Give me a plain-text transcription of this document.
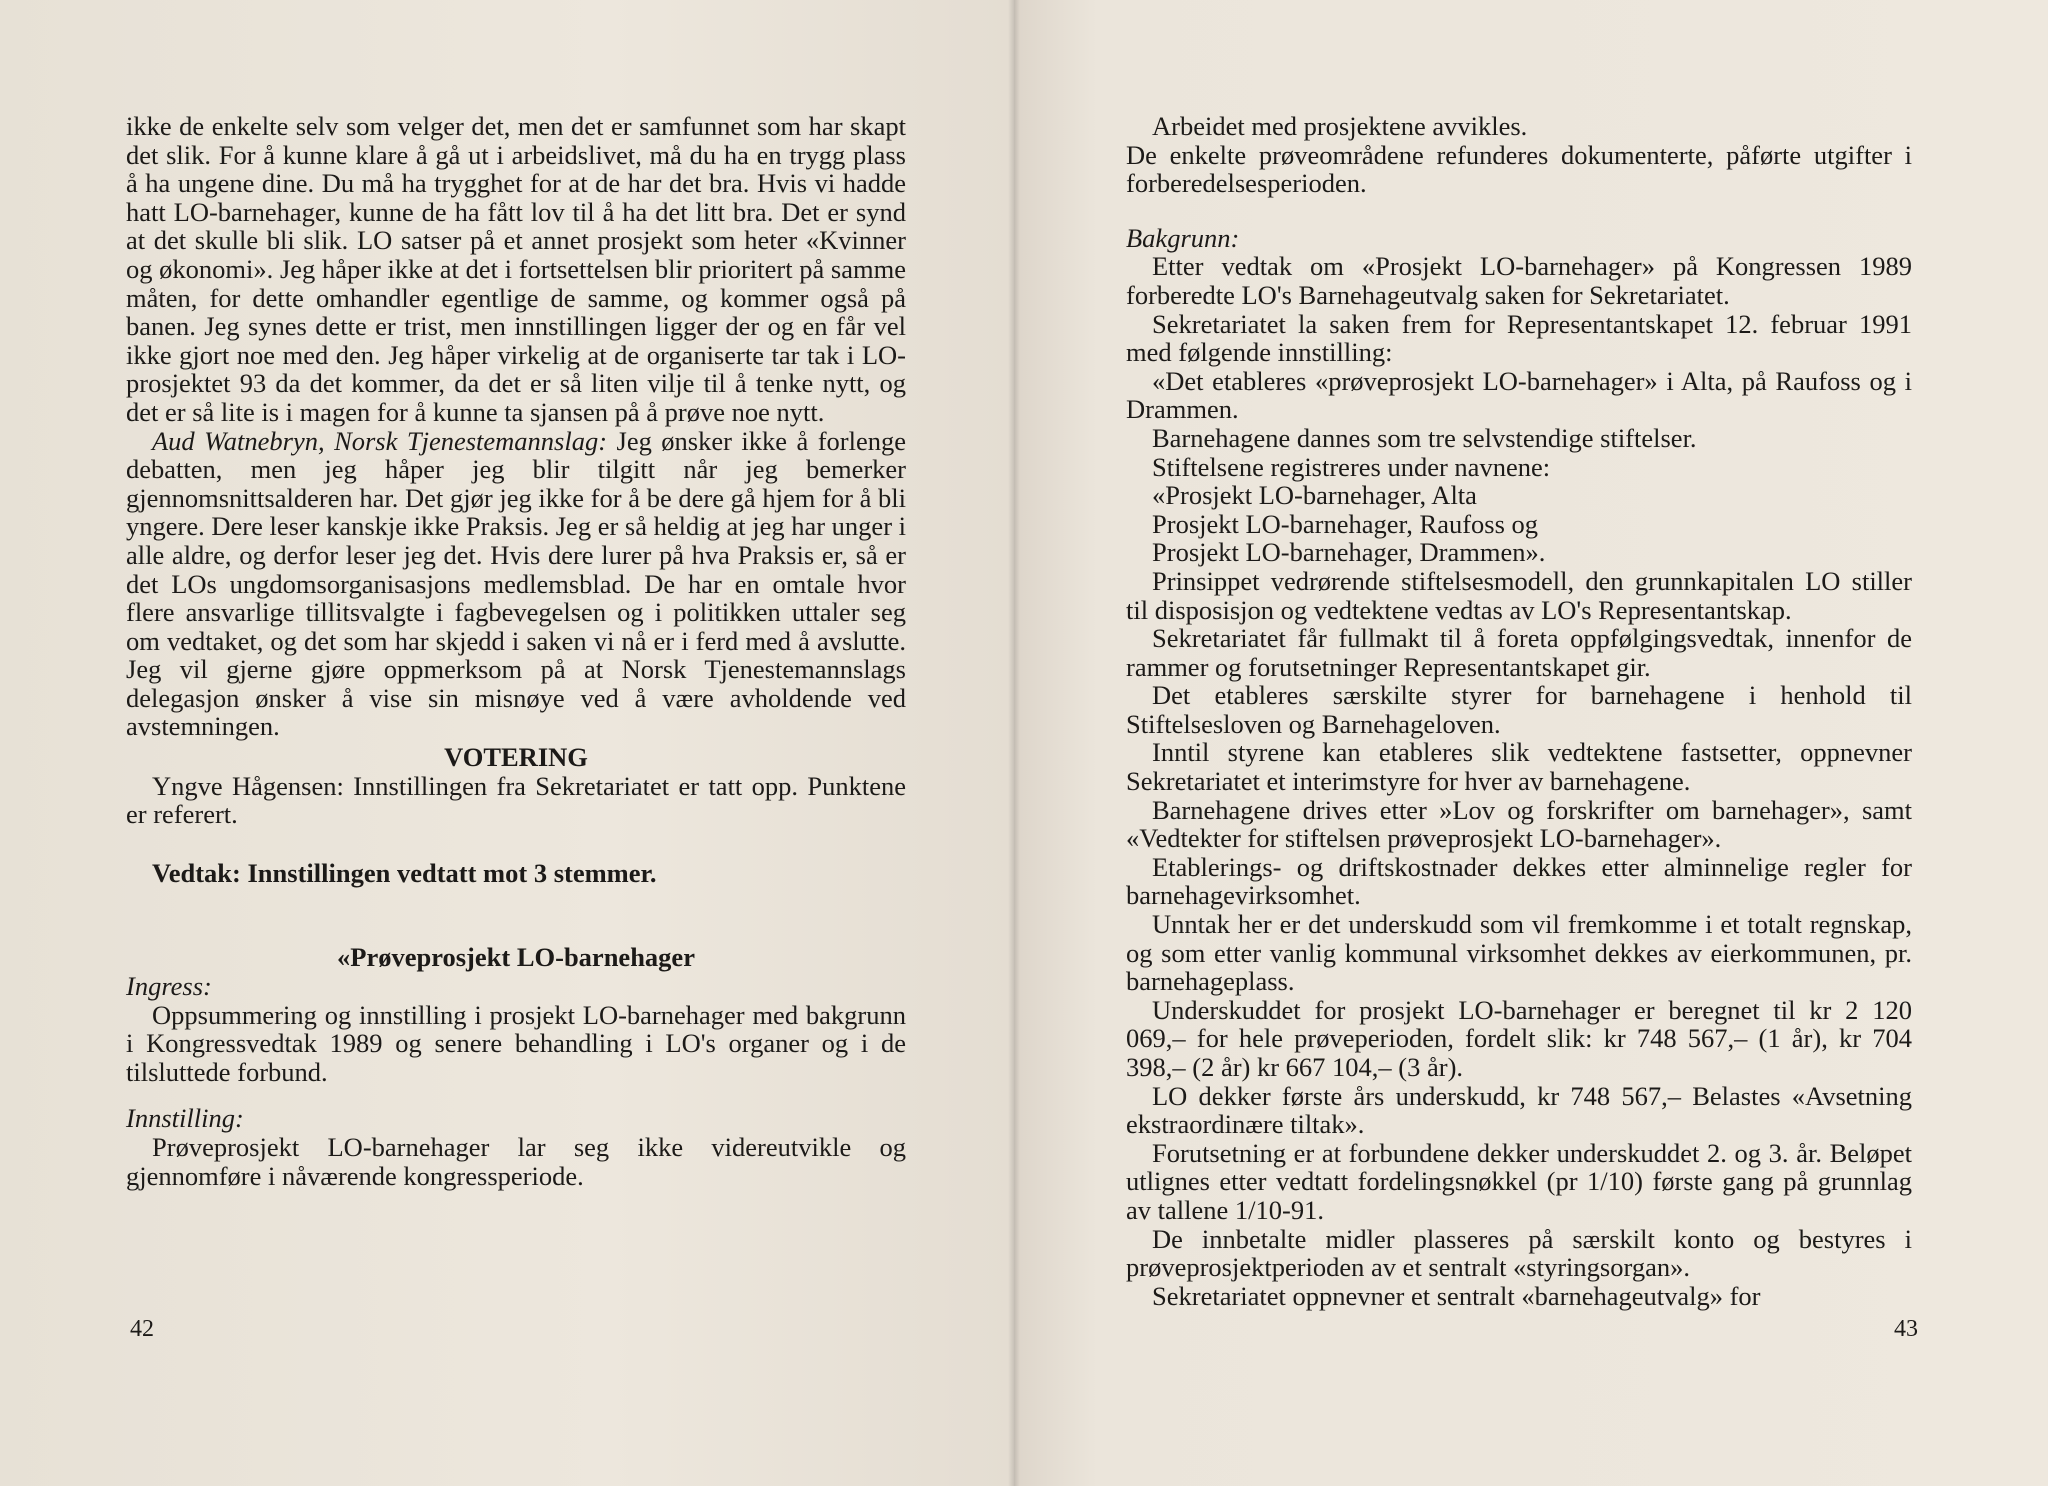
ikke de enkelte selv som velger det, men det er samfunnet som har skapt det slik. For å kunne klare å gå ut i arbeidslivet, må du ha en trygg plass å ha ungene dine. Du må ha trygghet for at de har det bra. Hvis vi hadde hatt LO-barnehager, kunne de ha fått lov til å ha det litt bra. Det er synd at det skulle bli slik. LO satser på et annet prosjekt som heter «Kvinner og økonomi». Jeg håper ikke at det i fortsettelsen blir prioritert på samme måten, for dette omhandler egentlige de samme, og kommer også på banen. Jeg synes dette er trist, men innstillingen ligger der og en får vel ikke gjort noe med den. Jeg håper virkelig at de organiserte tar tak i LO-prosjektet 93 da det kommer, da det er så liten vilje til å tenke nytt, og det er så lite is i magen for å kunne ta sjansen på å prøve noe nytt.

Aud Watnebryn, Norsk Tjenestemannslag: Jeg ønsker ikke å forlenge debatten, men jeg håper jeg blir tilgitt når jeg bemerker gjennomsnittsalderen har. Det gjør jeg ikke for å be dere gå hjem for å bli yngere. Dere leser kanskje ikke Praksis. Jeg er så heldig at jeg har unger i alle aldre, og derfor leser jeg det. Hvis dere lurer på hva Praksis er, så er det LOs ungdomsorganisasjons medlemsblad. De har en omtale hvor flere ansvarlige tillitsvalgte i fagbevegelsen og i politikken uttaler seg om vedtaket, og det som har skjedd i saken vi nå er i ferd med å avslutte. Jeg vil gjerne gjøre oppmerksom på at Norsk Tjenestemannslags delegasjon ønsker å vise sin misnøye ved å være avholdende ved avstemningen.

VOTERING

Yngve Hågensen: Innstillingen fra Sekretariatet er tatt opp. Punktene er referert.

Vedtak: Innstillingen vedtatt mot 3 stemmer.

«Prøveprosjekt LO-barnehager

Ingress:

Oppsummering og innstilling i prosjekt LO-barnehager med bakgrunn i Kongressvedtak 1989 og senere behandling i LO's organer og i de tilsluttede forbund.

Innstilling:

Prøveprosjekt LO-barnehager lar seg ikke videreutvikle og gjennomføre i nåværende kongressperiode.

42

Arbeidet med prosjektene avvikles.

De enkelte prøveområdene refunderes dokumenterte, påførte utgifter i forberedelsesperioden.

Bakgrunn:

Etter vedtak om «Prosjekt LO-barnehager» på Kongressen 1989 forberedte LO's Barnehageutvalg saken for Sekretariatet.

Sekretariatet la saken frem for Representantskapet 12. februar 1991 med følgende innstilling:

«Det etableres «prøveprosjekt LO-barnehager» i Alta, på Raufoss og i Drammen.

Barnehagene dannes som tre selvstendige stiftelser.

Stiftelsene registreres under navnene:

«Prosjekt LO-barnehager, Alta

Prosjekt LO-barnehager, Raufoss og

Prosjekt LO-barnehager, Drammen».

Prinsippet vedrørende stiftelsesmodell, den grunnkapitalen LO stiller til disposisjon og vedtektene vedtas av LO's Representantskap.

Sekretariatet får fullmakt til å foreta oppfølgingsvedtak, innenfor de rammer og forutsetninger Representantskapet gir.

Det etableres særskilte styrer for barnehagene i henhold til Stiftelsesloven og Barnehageloven.

Inntil styrene kan etableres slik vedtektene fastsetter, oppnevner Sekretariatet et interimstyre for hver av barnehagene.

Barnehagene drives etter »Lov og forskrifter om barnehager», samt «Vedtekter for stiftelsen prøveprosjekt LO-barnehager».

Etablerings- og driftskostnader dekkes etter alminnelige regler for barnehagevirksomhet.

Unntak her er det underskudd som vil fremkomme i et totalt regnskap, og som etter vanlig kommunal virksomhet dekkes av eierkommunen, pr. barnehageplass.

Underskuddet for prosjekt LO-barnehager er beregnet til kr 2 120 069,– for hele prøveperioden, fordelt slik: kr 748 567,– (1 år), kr 704 398,– (2 år) kr 667 104,– (3 år).

LO dekker første års underskudd, kr 748 567,– Belastes «Avsetning ekstraordinære tiltak».

Forutsetning er at forbundene dekker underskuddet 2. og 3. år. Beløpet utlignes etter vedtatt fordelingsnøkkel (pr 1/10) første gang på grunnlag av tallene 1/10-91.

De innbetalte midler plasseres på særskilt konto og bestyres i prøveprosjektperioden av et sentralt «styringsorgan».

Sekretariatet oppnevner et sentralt «barnehageutvalg» for

43
